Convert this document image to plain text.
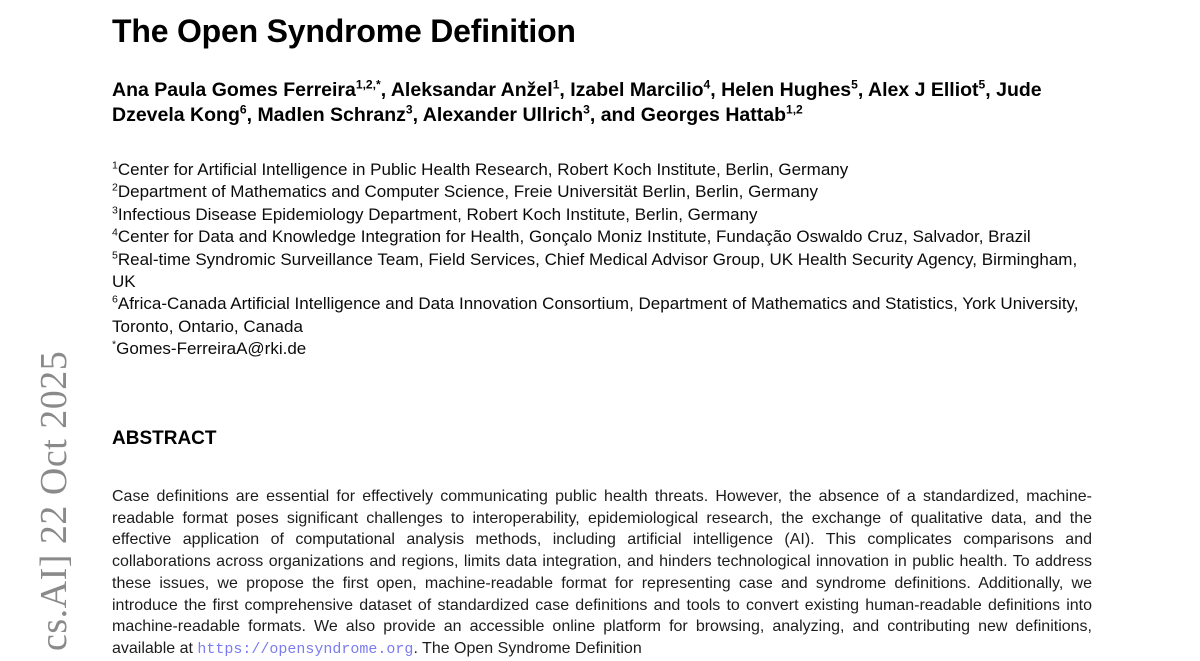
cs.AI] 22 Oct 2025
The Open Syndrome Definition
Ana Paula Gomes Ferreira$^{1,2,*}$, Aleksandar Anžel$^1$, Izabel Marcilio$^4$, Helen Hughes$^5$, Alex J Elliot$^5$, Jude Dzevela Kong$^6$, Madlen Schranz$^3$, Alexander Ullrich$^3$, and Georges Hattab$^{1,2}$
$^1$Center for Artificial Intelligence in Public Health Research, Robert Koch Institute, Berlin, Germany
$^2$Department of Mathematics and Computer Science, Freie Universität Berlin, Berlin, Germany
$^3$Infectious Disease Epidemiology Department, Robert Koch Institute, Berlin, Germany
$^4$Center for Data and Knowledge Integration for Health, Gonçalo Moniz Institute, Fundação Oswaldo Cruz, Salvador, Brazil
$^5$Real-time Syndromic Surveillance Team, Field Services, Chief Medical Advisor Group, UK Health Security Agency, Birmingham, UK
$^6$Africa-Canada Artificial Intelligence and Data Innovation Consortium, Department of Mathematics and Statistics, York University, Toronto, Ontario, Canada
*Gomes-FerreiraA@rki.de
ABSTRACT

Case definitions are essential for effectively communicating public health threats. However, the absence of a standardized, machine-readable format poses significant challenges to interoperability, epidemiological research, the exchange of qualitative data, and the effective application of computational analysis methods, including artificial intelligence (AI). This complicates comparisons and collaborations across organizations and regions, limits data integration, and hinders technological innovation in public health. To address these issues, we propose the first open, machine-readable format for representing case and syndrome definitions. Additionally, we introduce the first comprehensive dataset of standardized case definitions and tools to convert existing human-readable definitions into machine-readable formats. We also provide an accessible online platform for browsing, analyzing, and contributing new definitions, available at https://opensyndrome.org. The Open Syndrome Definition
